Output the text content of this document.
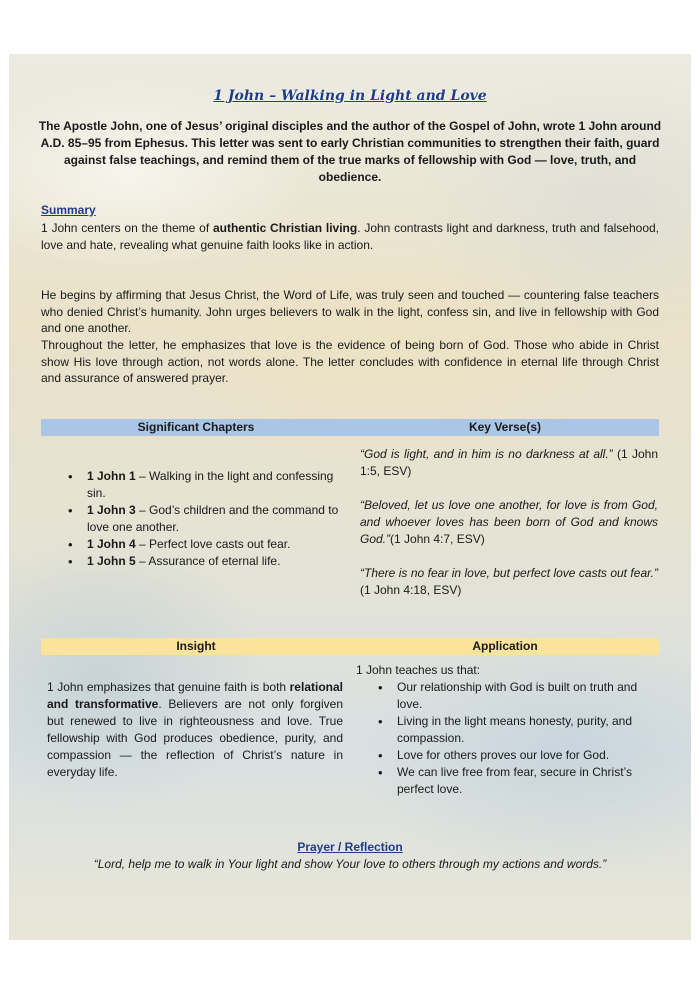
1 John – Walking in Light and Love
The Apostle John, one of Jesus’ original disciples and the author of the Gospel of John, wrote 1 John around A.D. 85–95 from Ephesus. This letter was sent to early Christian communities to strengthen their faith, guard against false teachings, and remind them of the true marks of fellowship with God — love, truth, and obedience.
Summary
1 John centers on the theme of authentic Christian living. John contrasts light and darkness, truth and falsehood, love and hate, revealing what genuine faith looks like in action.
He begins by affirming that Jesus Christ, the Word of Life, was truly seen and touched — countering false teachers who denied Christ’s humanity. John urges believers to walk in the light, confess sin, and live in fellowship with God and one another.
Throughout the letter, he emphasizes that love is the evidence of being born of God. Those who abide in Christ show His love through action, not words alone. The letter concludes with confidence in eternal life through Christ and assurance of answered prayer.
Significant Chapters	Key Verse(s)
• 1 John 1 – Walking in the light and confessing sin.
• 1 John 3 – God’s children and the command to love one another.
• 1 John 4 – Perfect love casts out fear.
• 1 John 5 – Assurance of eternal life.

“God is light, and in him is no darkness at all.” (1 John 1:5, ESV)

“Beloved, let us love one another, for love is from God, and whoever loves has been born of God and knows God.”(1 John 4:7, ESV)

“There is no fear in love, but perfect love casts out fear.” (1 John 4:18, ESV)

Insight	Application
1 John emphasizes that genuine faith is both relational and transformative. Believers are not only forgiven but renewed to live in righteousness and love. True fellowship with God produces obedience, purity, and compassion — the reflection of Christ’s nature in everyday life.
1 John teaches us that:
• Our relationship with God is built on truth and love.
• Living in the light means honesty, purity, and compassion.
• Love for others proves our love for God.
• We can live free from fear, secure in Christ’s perfect love.
Prayer / Reflection
“Lord, help me to walk in Your light and show Your love to others through my actions and words.”
